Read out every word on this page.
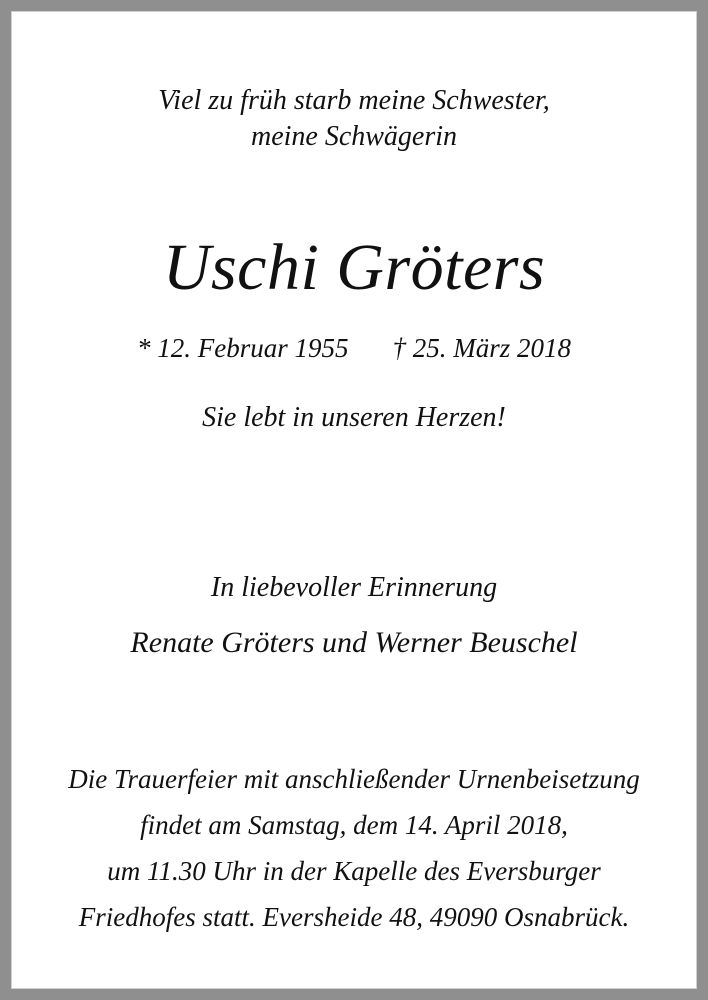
Viel zu früh starb meine Schwester,
meine Schwägerin
Uschi Gröters
* 12. Februar 1955 † 25. März 2018
Sie lebt in unseren Herzen!
In liebevoller Erinnerung
Renate Gröters und Werner Beuschel
Die Trauerfeier mit anschließender Urnenbeisetzung
findet am Samstag, dem 14. April 2018,
um 11.30 Uhr in der Kapelle des Eversburger
Friedhofes statt. Eversheide 48, 49090 Osnabrück.
